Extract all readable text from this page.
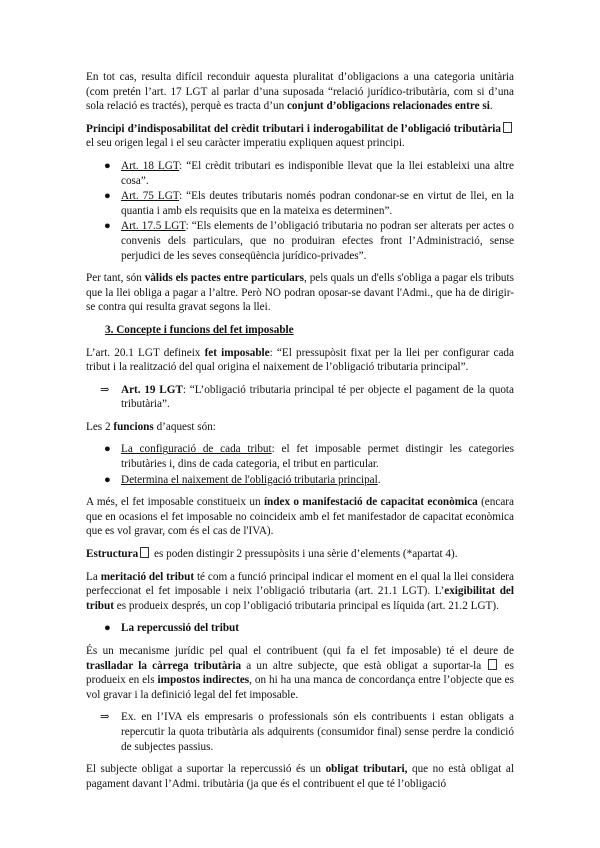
En tot cas, resulta difícil reconduir aquesta pluralitat d’obligacions a una categoria unitària (com pretén l’art. 17 LGT al parlar d’una suposada “relació jurídico-tributària, com si d’una sola relació es tractés), perquè es tracta d’un conjunt d’obligacions relacionades entre si.

Principi d’indisposabilitat del crèdit tributari i inderogabilitat de l’obligació tributària el seu origen legal i el seu caràcter imperatiu expliquen aquest principi.

● Art. 18 LGT: “El crèdit tributari es indisponible llevat que la llei estableixi una altre cosa”.
● Art. 75 LGT: “Els deutes tributaris només podran condonar-se en virtut de llei, en la quantia i amb els requisits que en la mateixa es determinen”.
● Art. 17.5 LGT: “Els elements de l’obligació tributaria no podran ser alterats per actes o convenis dels particulars, que no produiran efectes front l’Administració, sense perjudici de les seves conseqüència jurídico-privades”.

Per tant, són vàlids els pactes entre particulars, pels quals un d'ells s'obliga a pagar els tributs que la llei obliga a pagar a l’altre. Però NO podran oposar-se davant l'Admi., que ha de dirigir-se contra qui resulta gravat segons la llei.

3. Concepte i funcions del fet imposable

L’art. 20.1 LGT defineix fet imposable: “El pressupòsit fixat per la llei per configurar cada tribut i la realització del qual origina el naixement de l’obligació tributaria principal”.

⇒ Art. 19 LGT: “L’obligació tributaria principal té per objecte el pagament de la quota tributària”.

Les 2 funcions d’aquest són:

● La configuració de cada tribut: el fet imposable permet distingir les categories tributàries i, dins de cada categoria, el tribut en particular.
● Determina el naixement de l'obligació tributaria principal.

A més, el fet imposable constitueix un índex o manifestació de capacitat econòmica (encara que en ocasions el fet imposable no coincideix amb el fet manifestador de capacitat econòmica que es vol gravar, com és el cas de l'IVA).

Estructura es poden distingir 2 pressupòsits i una sèrie d’elements (*apartat 4).

La meritació del tribut té com a funció principal indicar el moment en el qual la llei considera perfeccionat el fet imposable i neix l’obligació tributaria (art. 21.1 LGT). L’exigibilitat del tribut es produeix després, un cop l’obligació tributaria principal es líquida (art. 21.2 LGT).

● La repercussió del tribut

És un mecanisme jurídic pel qual el contribuent (qui fa el fet imposable) té el deure de traslladar la càrrega tributària a un altre subjecte, que està obligat a suportar-la  es produeix en els impostos indirectes, on hi ha una manca de concordança entre l’objecte que es vol gravar i la definició legal del fet imposable.

⇒ Ex. en l’IVA els empresaris o professionals són els contribuents i estan obligats a repercutir la quota tributària als adquirents (consumidor final) sense perdre la condició de subjectes passius.

El subjecte obligat a suportar la repercussió és un obligat tributari, que no està obligat al pagament davant l’Admi. tributària (ja que és el contribuent el que té l’obligació
